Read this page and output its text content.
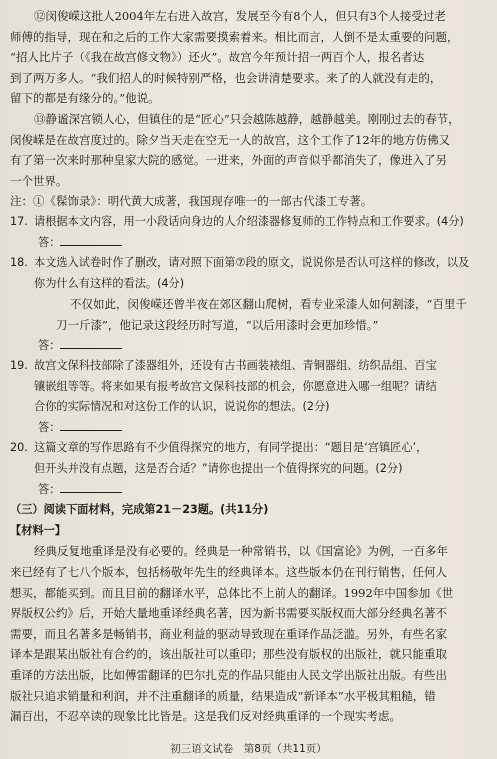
⑫闵俊嵘这批人2004年左右进入故宫，发展至今有8个人，但只有3个人接受过老

师傅的指导，现在和之后的工作大家需要摸索着来。相比而言，人倒不是太重要的问题，

“招人比片子（《我在故宫修文物》）还火”。故宫今年预计招一两百个人，报名者达

到了两万多人。“我们招人的时候特别严格，也会讲清楚要求。来了的人就没有走的，

留下的都是有缘分的。”他说。

⑬静谧深宫锁人心，但镇住的是“匠心”只会越陈越静，越静越美。刚刚过去的春节，

闵俊嵘是在故宫度过的。除夕当天走在空无一人的故宫，这个工作了12年的地方仿佛又

有了第一次来时那种皇家大院的感觉。一进来，外面的声音似乎都消失了，像进入了另

一个世界。

注：①《髹饰录》：明代黄大成著，我国现存唯一的一部古代漆工专著。

17. 请根据本文内容，用一小段话向身边的人介绍漆器修复师的工作特点和工作要求。(4分)

答：

18. 本文选入试卷时作了删改，请对照下面第⑦段的原文，说说你是否认可这样的修改，以及

你为什么有这样的看法。(4分)

不仅如此，闵俊嵘还曾半夜在郊区翻山爬树，看专业采漆人如何割漆，“百里千

刀一斤漆”，他记录这段经历时写道，“以后用漆时会更加珍惜。”

答：

19. 故宫文保科技部除了漆器组外，还设有古书画装裱组、青铜器组、纺织品组、百宝

镶嵌组等等。将来如果有报考故宫文保科技部的机会，你愿意进入哪一组呢？请结

合你的实际情况和对这份工作的认识，说说你的想法。(2分)

答：

20. 这篇文章的写作思路有不少值得探究的地方，有同学提出：“题目是‘宫镇匠心’，

但开头并没有点题，这是否合适？”请你也提出一个值得探究的问题。(2分)

答：

（三）阅读下面材料，完成第21－23题。(共11分)

【材料一】

经典反复地重译是没有必要的。经典是一种常销书，以《国富论》为例，一百多年

来已经有了七八个版本，包括杨敬年先生的经典译本。这些版本仍在刊行销售，任何人

想买，都能买到。而且目前的翻译水平，总体比不上前人的翻译。1992年中国参加《世

界版权公约》后，开始大量地重译经典名著，因为新书需要买版权而大部分经典名著不

需要，而且名著多是畅销书，商业利益的驱动导致现在重译作品泛滥。另外，有些名家

译本是跟某出版社有合约的，该出版社可以重印；那些没有版权的出版社，就只能重取

重译的方法出版，比如傅雷翻译的巴尔扎克的作品只能由人民文学出版社出版。有些出

版社只追求销量和利润，并不注重翻译的质量，结果造成“新译本”水平极其粗糙，错

漏百出，不忍卒读的现象比比皆是。这是我们反对经典重译的一个现实考虑。

初三语文试卷　第8页（共11页）
